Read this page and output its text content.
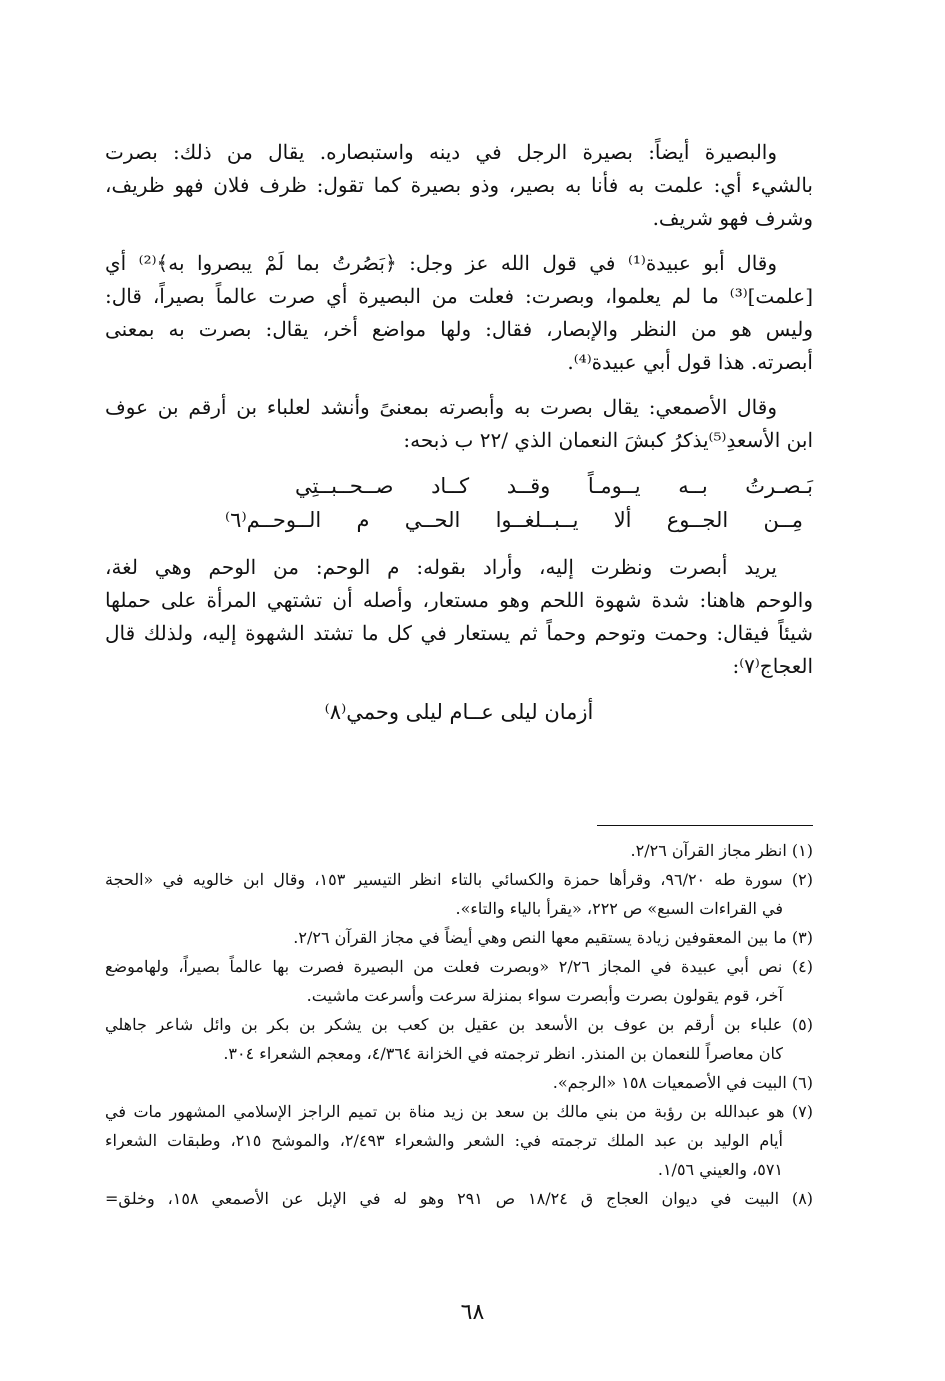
والبصيرة أيضاً: بصيرة الرجل في دينه واستبصاره. يقال من ذلك: بصرت
بالشيء أي: علمت به فأنا به بصير، وذو بصيرة كما تقول: ظرف فلان فهو ظريف،
وشرف فهو شريف.

وقال أبو عبيدة⁽¹⁾ في قول الله عز وجل: ﴿بَصُرتُ بما لَمْ يبصروا به﴾⁽²⁾ أي
[علمت]⁽³⁾ ما لم يعلموا، وبصرت: فعلت من البصيرة أي صرت عالماً بصيراً، قال:
وليس هو من النظر والإبصار، فقال: ولها مواضع أخر، يقال: بصرت به بمعنى
أبصرته. هذا قول أبي عبيدة⁽⁴⁾.

وقال الأصمعي: يقال بصرت به وأبصرته بمعنىً وأنشد لعلباء بن أرقم بن عوف
ابن الأسعدِ⁽⁵⁾يذكرُ كبشَ النعمان الذي /٢٢ ب ذبحه:

بَـصـرتُ بــه يــومـاً وقــد كــاد صــحــبــتِي
مِــن الجــوع ألا يــبــلغــوا الحــي م الــوحــم⁽٦⁾

يريد أبصرت ونظرت إليه، وأراد بقوله: م الوحم: من الوحم وهي لغة،
والوحم هاهنا: شدة شهوة اللحم وهو مستعار، وأصله أن تشتهي المرأة على حملها
شيئاً فيقال: وحمت وتوحم وحماً ثم يستعار في كل ما تشتد الشهوة إليه، ولذلك قال
العجاج⁽٧⁾:

أزمان ليلى عــام ليلى وحمي⁽٨⁾
(١) انظر مجاز القرآن ٢/٢٦.
(٢) سورة طه ٩٦/٢٠، وقرأها حمزة والكسائي بالتاء انظر التيسير ١٥٣، وقال ابن خالويه في «الحجة
في القراءات السبع» ص ٢٢٢، «يقرأ بالياء والتاء».
(٣) ما بين المعقوفين زيادة يستقيم معها النص وهي أيضاً في مجاز القرآن ٢/٢٦.
(٤) نص أبي عبيدة في المجاز ٢/٢٦ «وبصرت فعلت من البصيرة فصرت بها عالماً بصيراً، ولهاموضع
آخر، قوم يقولون بصرت وأبصرت سواء بمنزلة سرعت وأسرعت ماشيت.
(٥) علباء بن أرقم بن عوف بن الأسعد بن عقيل بن كعب بن يشكر بن بكر بن وائل شاعر جاهلي
كان معاصراً للنعمان بن المنذر. انظر ترجمته في الخزانة ٤/٣٦٤، ومعجم الشعراء ٣٠٤.
(٦) البيت في الأصمعيات ١٥٨ «الرجم».
(٧) هو عبدالله بن رؤبة من بني مالك بن سعد بن زيد مناة بن تميم الراجز الإسلامي المشهور مات في
أيام الوليد بن عبد الملك ترجمته في: الشعر والشعراء ٢/٤٩٣، والموشح ٢١٥، وطبقات الشعراء
٥٧١، والعيني ١/٥٦.
(٨) البيت في ديوان العجاج ق ١٨/٢٤ ص ٢٩١ وهو له في الإبل عن الأصمعي ١٥٨، وخلق=
٦٨
